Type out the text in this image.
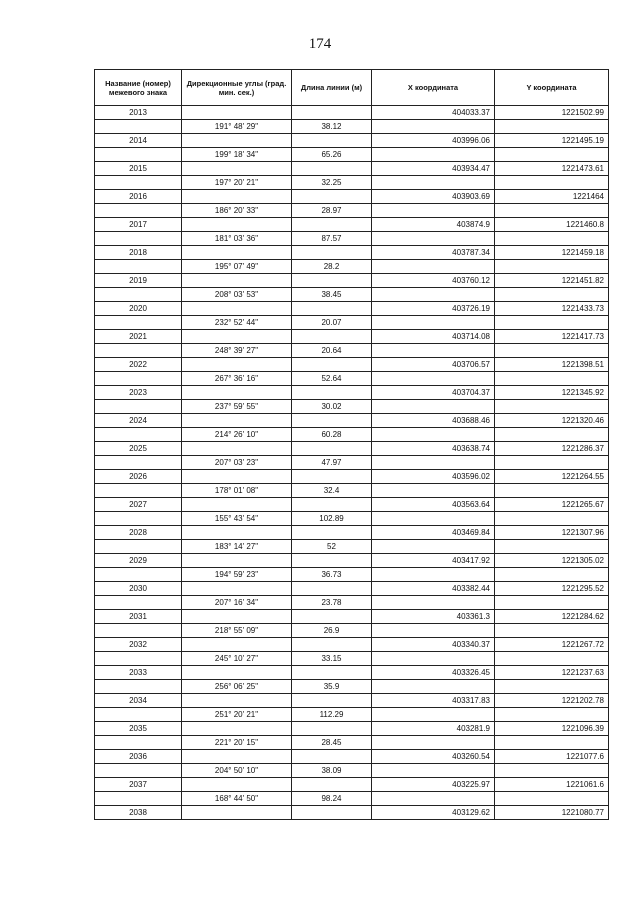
174
Название (номер) межевого знака	Дирекционные углы (град. мин. сек.)	Длина линии (м)	X координата	Y координата
2013			404033.37	1221502.99
	191° 48' 29"	38.12		
2014			403996.06	1221495.19
	199° 18' 34"	65.26		
2015			403934.47	1221473.61
	197° 20' 21"	32.25		
2016			403903.69	1221464
	186° 20' 33"	28.97		
2017			403874.9	1221460.8
	181° 03' 36"	87.57		
2018			403787.34	1221459.18
	195° 07' 49"	28.2		
2019			403760.12	1221451.82
	208° 03' 53"	38.45		
2020			403726.19	1221433.73
	232° 52' 44"	20.07		
2021			403714.08	1221417.73
	248° 39' 27"	20.64		
2022			403706.57	1221398.51
	267° 36' 16"	52.64		
2023			403704.37	1221345.92
	237° 59' 55"	30.02		
2024			403688.46	1221320.46
	214° 26' 10"	60.28		
2025			403638.74	1221286.37
	207° 03' 23"	47.97		
2026			403596.02	1221264.55
	178° 01' 08"	32.4		
2027			403563.64	1221265.67
	155° 43' 54"	102.89		
2028			403469.84	1221307.96
	183° 14' 27"	52		
2029			403417.92	1221305.02
	194° 59' 23"	36.73		
2030			403382.44	1221295.52
	207° 16' 34"	23.78		
2031			403361.3	1221284.62
	218° 55' 09"	26.9		
2032			403340.37	1221267.72
	245° 10' 27"	33.15		
2033			403326.45	1221237.63
	256° 06' 25"	35.9		
2034			403317.83	1221202.78
	251° 20' 21"	112.29		
2035			403281.9	1221096.39
	221° 20' 15"	28.45		
2036			403260.54	1221077.6
	204° 50' 10"	38.09		
2037			403225.97	1221061.6
	168° 44' 50"	98.24		
2038			403129.62	1221080.77
